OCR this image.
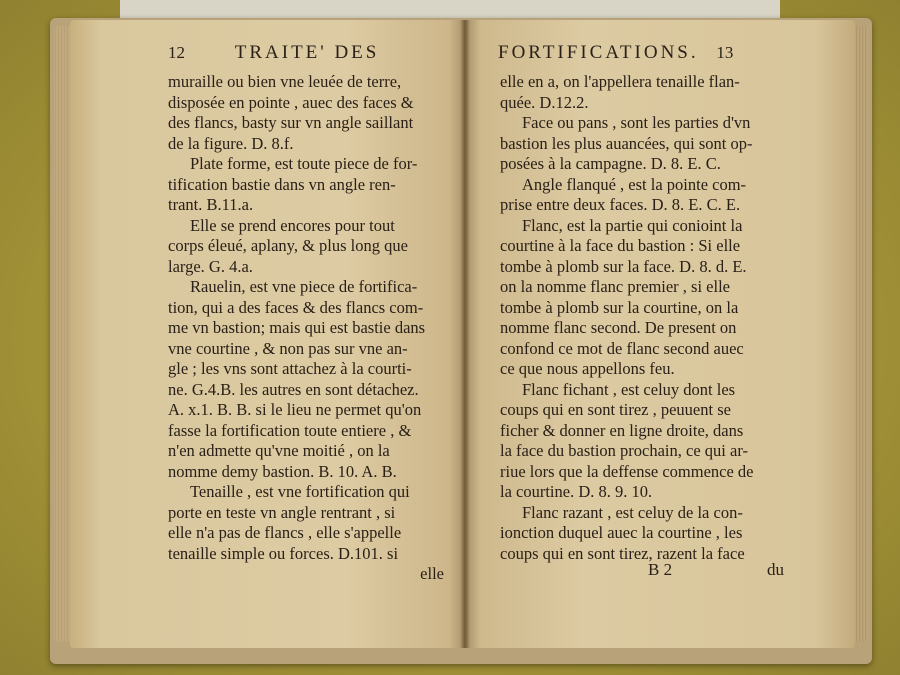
12	TRAITE' DES	FORTIFICATIONS. 13
muraille ou bien vne leuée de terre,
disposée en pointe , auec des faces &
des flancs, basty sur vn angle saillant
de la figure. D. 8.f.
Plate forme, est toute piece de for-
tification bastie dans vn angle ren-
trant. B.11.a.
Elle se prend encores pour tout
corps éleué, aplany, & plus long que
large. G. 4.a.
Rauelin, est vne piece de fortifica-
tion, qui a des faces & des flancs com-
me vn bastion; mais qui est bastie dans
vne courtine , & non pas sur vne an-
gle ; les vns sont attachez à la courti-
ne. G.4.B. les autres en sont détachez.
A. x.1. B. B. si le lieu ne permet qu'on
fasse la fortification toute entiere , &
n'en admette qu'vne moitié , on la
nomme demy bastion. B. 10. A. B.
Tenaille , est vne fortification qui
porte en teste vn angle rentrant , si
elle n'a pas de flancs , elle s'appelle
tenaille simple ou forces. D.101. si
elle
elle en a, on l'appellera tenaille flan-
quée. D.12.2.
Face ou pans , sont les parties d'vn
bastion les plus auancées, qui sont op-
posées à la campagne. D. 8. E. C.
Angle flanqué , est la pointe com-
prise entre deux faces. D. 8. E. C. E.
Flanc, est la partie qui conioint la
courtine à la face du bastion : Si elle
tombe à plomb sur la face. D. 8. d. E.
on la nomme flanc premier , si elle
tombe à plomb sur la courtine, on la
nomme flanc second. De present on
confond ce mot de flanc second auec
ce que nous appellons feu.
Flanc fichant , est celuy dont les
coups qui en sont tirez , peuuent se
ficher & donner en ligne droite, dans
la face du bastion prochain, ce qui ar-
riue lors que la deffense commence de
la courtine. D. 8. 9. 10.
Flanc razant , est celuy de la con-
ionction duquel auec la courtine , les
coups qui en sont tirez, razent la face
B 2	du
